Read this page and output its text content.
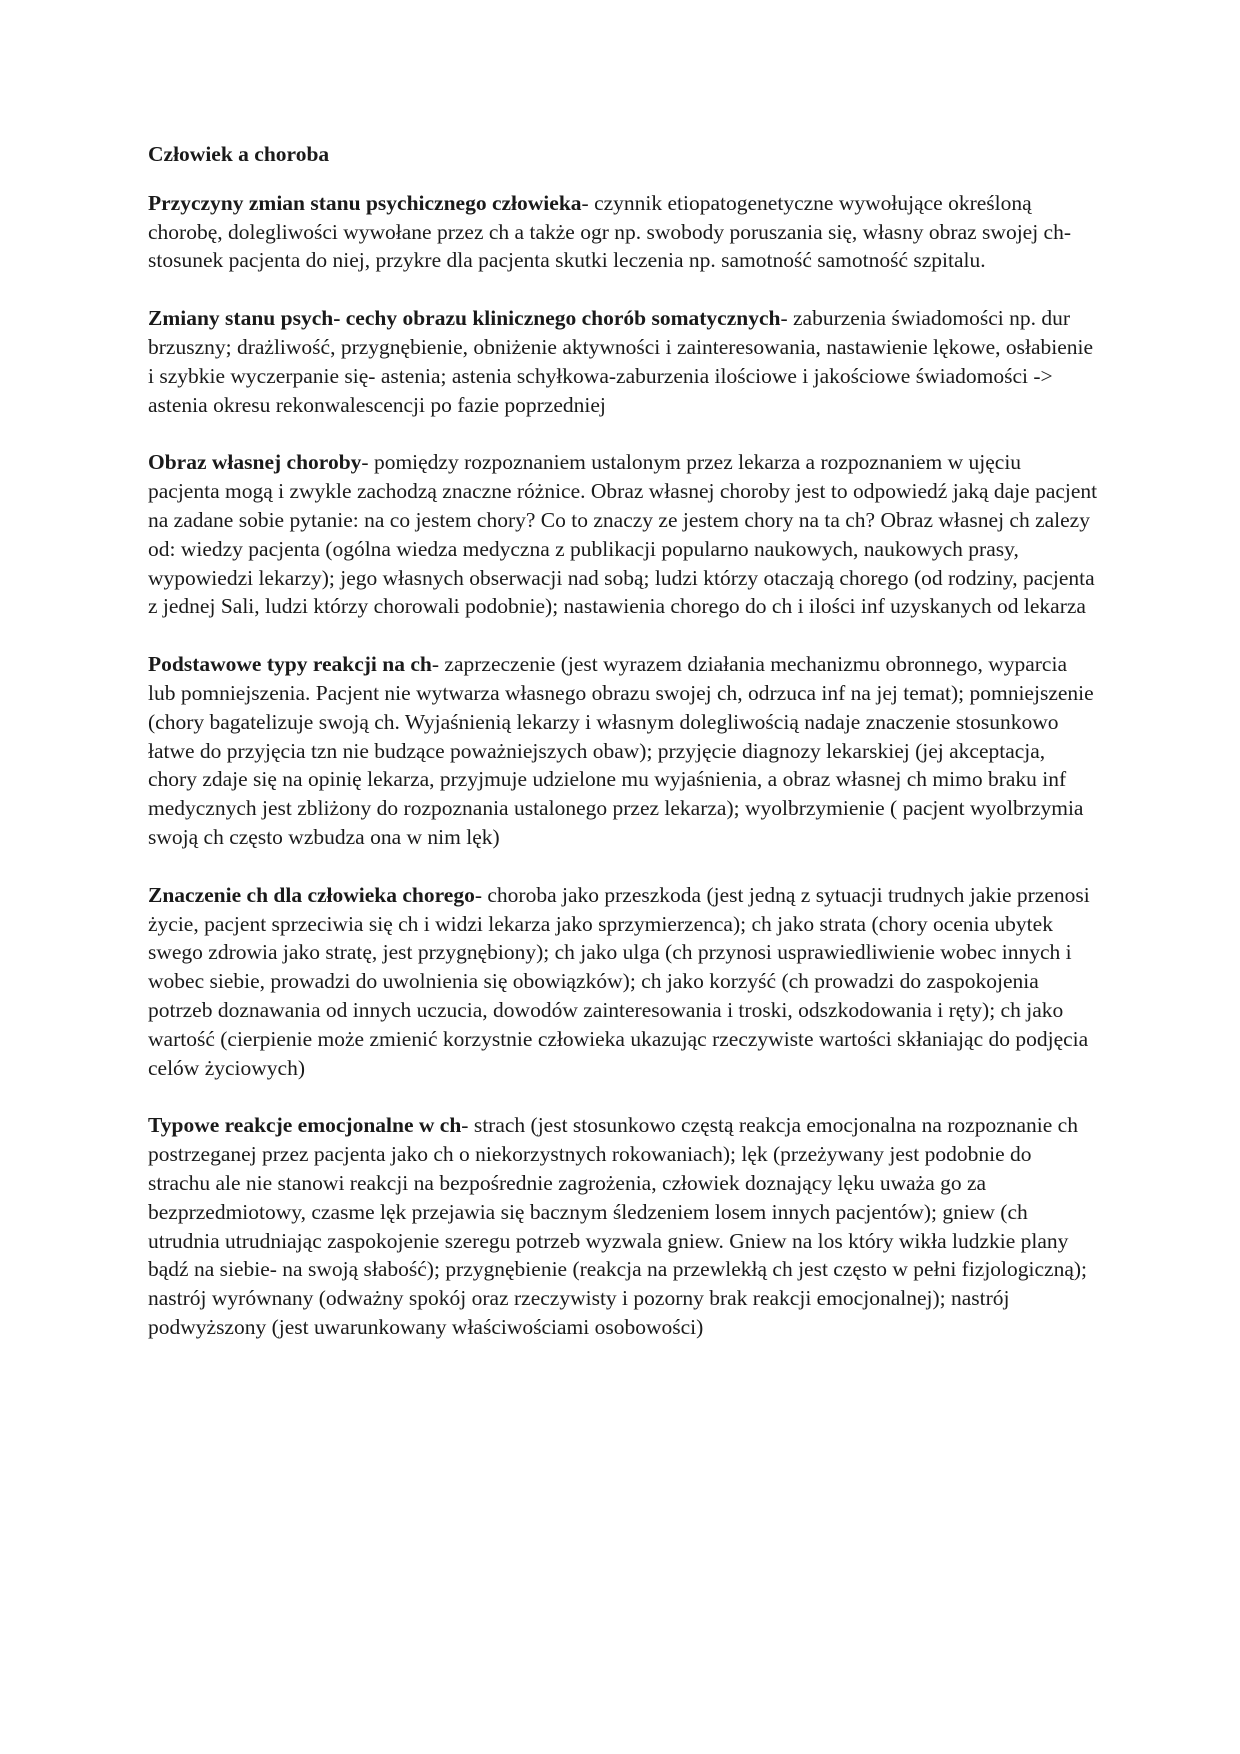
Człowiek a choroba

Przyczyny zmian stanu psychicznego człowieka- czynnik etiopatogenetyczne wywołujące określoną chorobę, dolegliwości wywołane przez ch a także ogr np. swobody poruszania się, własny obraz swojej ch- stosunek pacjenta do niej, przykre dla pacjenta skutki leczenia np. samotność samotność szpitalu.

Zmiany stanu psych- cechy obrazu klinicznego chorób somatycznych- zaburzenia świadomości np. dur brzuszny; drażliwość, przygnębienie, obniżenie aktywności i zainteresowania, nastawienie lękowe, osłabienie i szybkie wyczerpanie się- astenia; astenia schyłkowa-zaburzenia ilościowe i jakościowe świadomości -> astenia okresu rekonwalescencji po fazie poprzedniej

Obraz własnej choroby- pomiędzy rozpoznaniem ustalonym przez lekarza a rozpoznaniem w ujęciu pacjenta mogą i zwykle zachodzą znaczne różnice. Obraz własnej choroby jest to odpowiedź jaką daje pacjent na zadane sobie pytanie: na co jestem chory? Co to znaczy ze jestem chory na ta ch? Obraz własnej ch zalezy od: wiedzy pacjenta (ogólna wiedza medyczna z publikacji popularno naukowych, naukowych prasy, wypowiedzi lekarzy); jego własnych obserwacji nad sobą; ludzi którzy otaczają chorego (od rodziny, pacjenta z jednej Sali, ludzi którzy chorowali podobnie); nastawienia chorego do ch i ilości inf uzyskanych od lekarza

Podstawowe typy reakcji na ch- zaprzeczenie (jest wyrazem działania mechanizmu obronnego, wyparcia lub pomniejszenia. Pacjent nie wytwarza własnego obrazu swojej ch, odrzuca inf na jej temat); pomniejszenie (chory bagatelizuje swoją ch. Wyjaśnienią lekarzy i własnym dolegliwością nadaje znaczenie stosunkowo łatwe do przyjęcia tzn nie budzące poważniejszych obaw); przyjęcie diagnozy lekarskiej (jej akceptacja, chory zdaje się na opinię lekarza, przyjmuje udzielone mu wyjaśnienia, a obraz własnej ch mimo braku inf medycznych jest zbliżony do rozpoznania ustalonego przez lekarza); wyolbrzymienie ( pacjent wyolbrzymia swoją ch często wzbudza ona w nim lęk)

Znaczenie ch dla człowieka chorego- choroba jako przeszkoda (jest jedną z sytuacji trudnych jakie przenosi życie, pacjent sprzeciwia się ch i widzi lekarza jako sprzymierzenca); ch jako strata (chory ocenia ubytek swego zdrowia jako stratę, jest przygnębiony); ch jako ulga (ch przynosi usprawiedliwienie wobec innych i wobec siebie, prowadzi do uwolnienia się obowiązków); ch jako korzyść (ch prowadzi do zaspokojenia potrzeb doznawania od innych uczucia, dowodów zainteresowania i troski, odszkodowania i ręty); ch jako wartość (cierpienie może zmienić korzystnie człowieka ukazując rzeczywiste wartości skłaniając do podjęcia celów życiowych)

Typowe reakcje emocjonalne w ch- strach (jest stosunkowo częstą reakcja emocjonalna na rozpoznanie ch postrzeganej przez pacjenta jako ch o niekorzystnych rokowaniach); lęk (przeżywany jest podobnie do strachu ale nie stanowi reakcji na bezpośrednie zagrożenia, człowiek doznający lęku uważa go za bezprzedmiotowy, czasme lęk przejawia się bacznym śledzeniem losem innych pacjentów); gniew (ch utrudnia utrudniając zaspokojenie szeregu potrzeb wyzwala gniew. Gniew na los który wikła ludzkie plany bądź na siebie- na swoją słabość); przygnębienie (reakcja na przewlekłą ch jest często w pełni fizjologiczną); nastrój wyrównany (odważny spokój oraz rzeczywisty i pozorny brak reakcji emocjonalnej); nastrój podwyższony (jest uwarunkowany właściwościami osobowości)
